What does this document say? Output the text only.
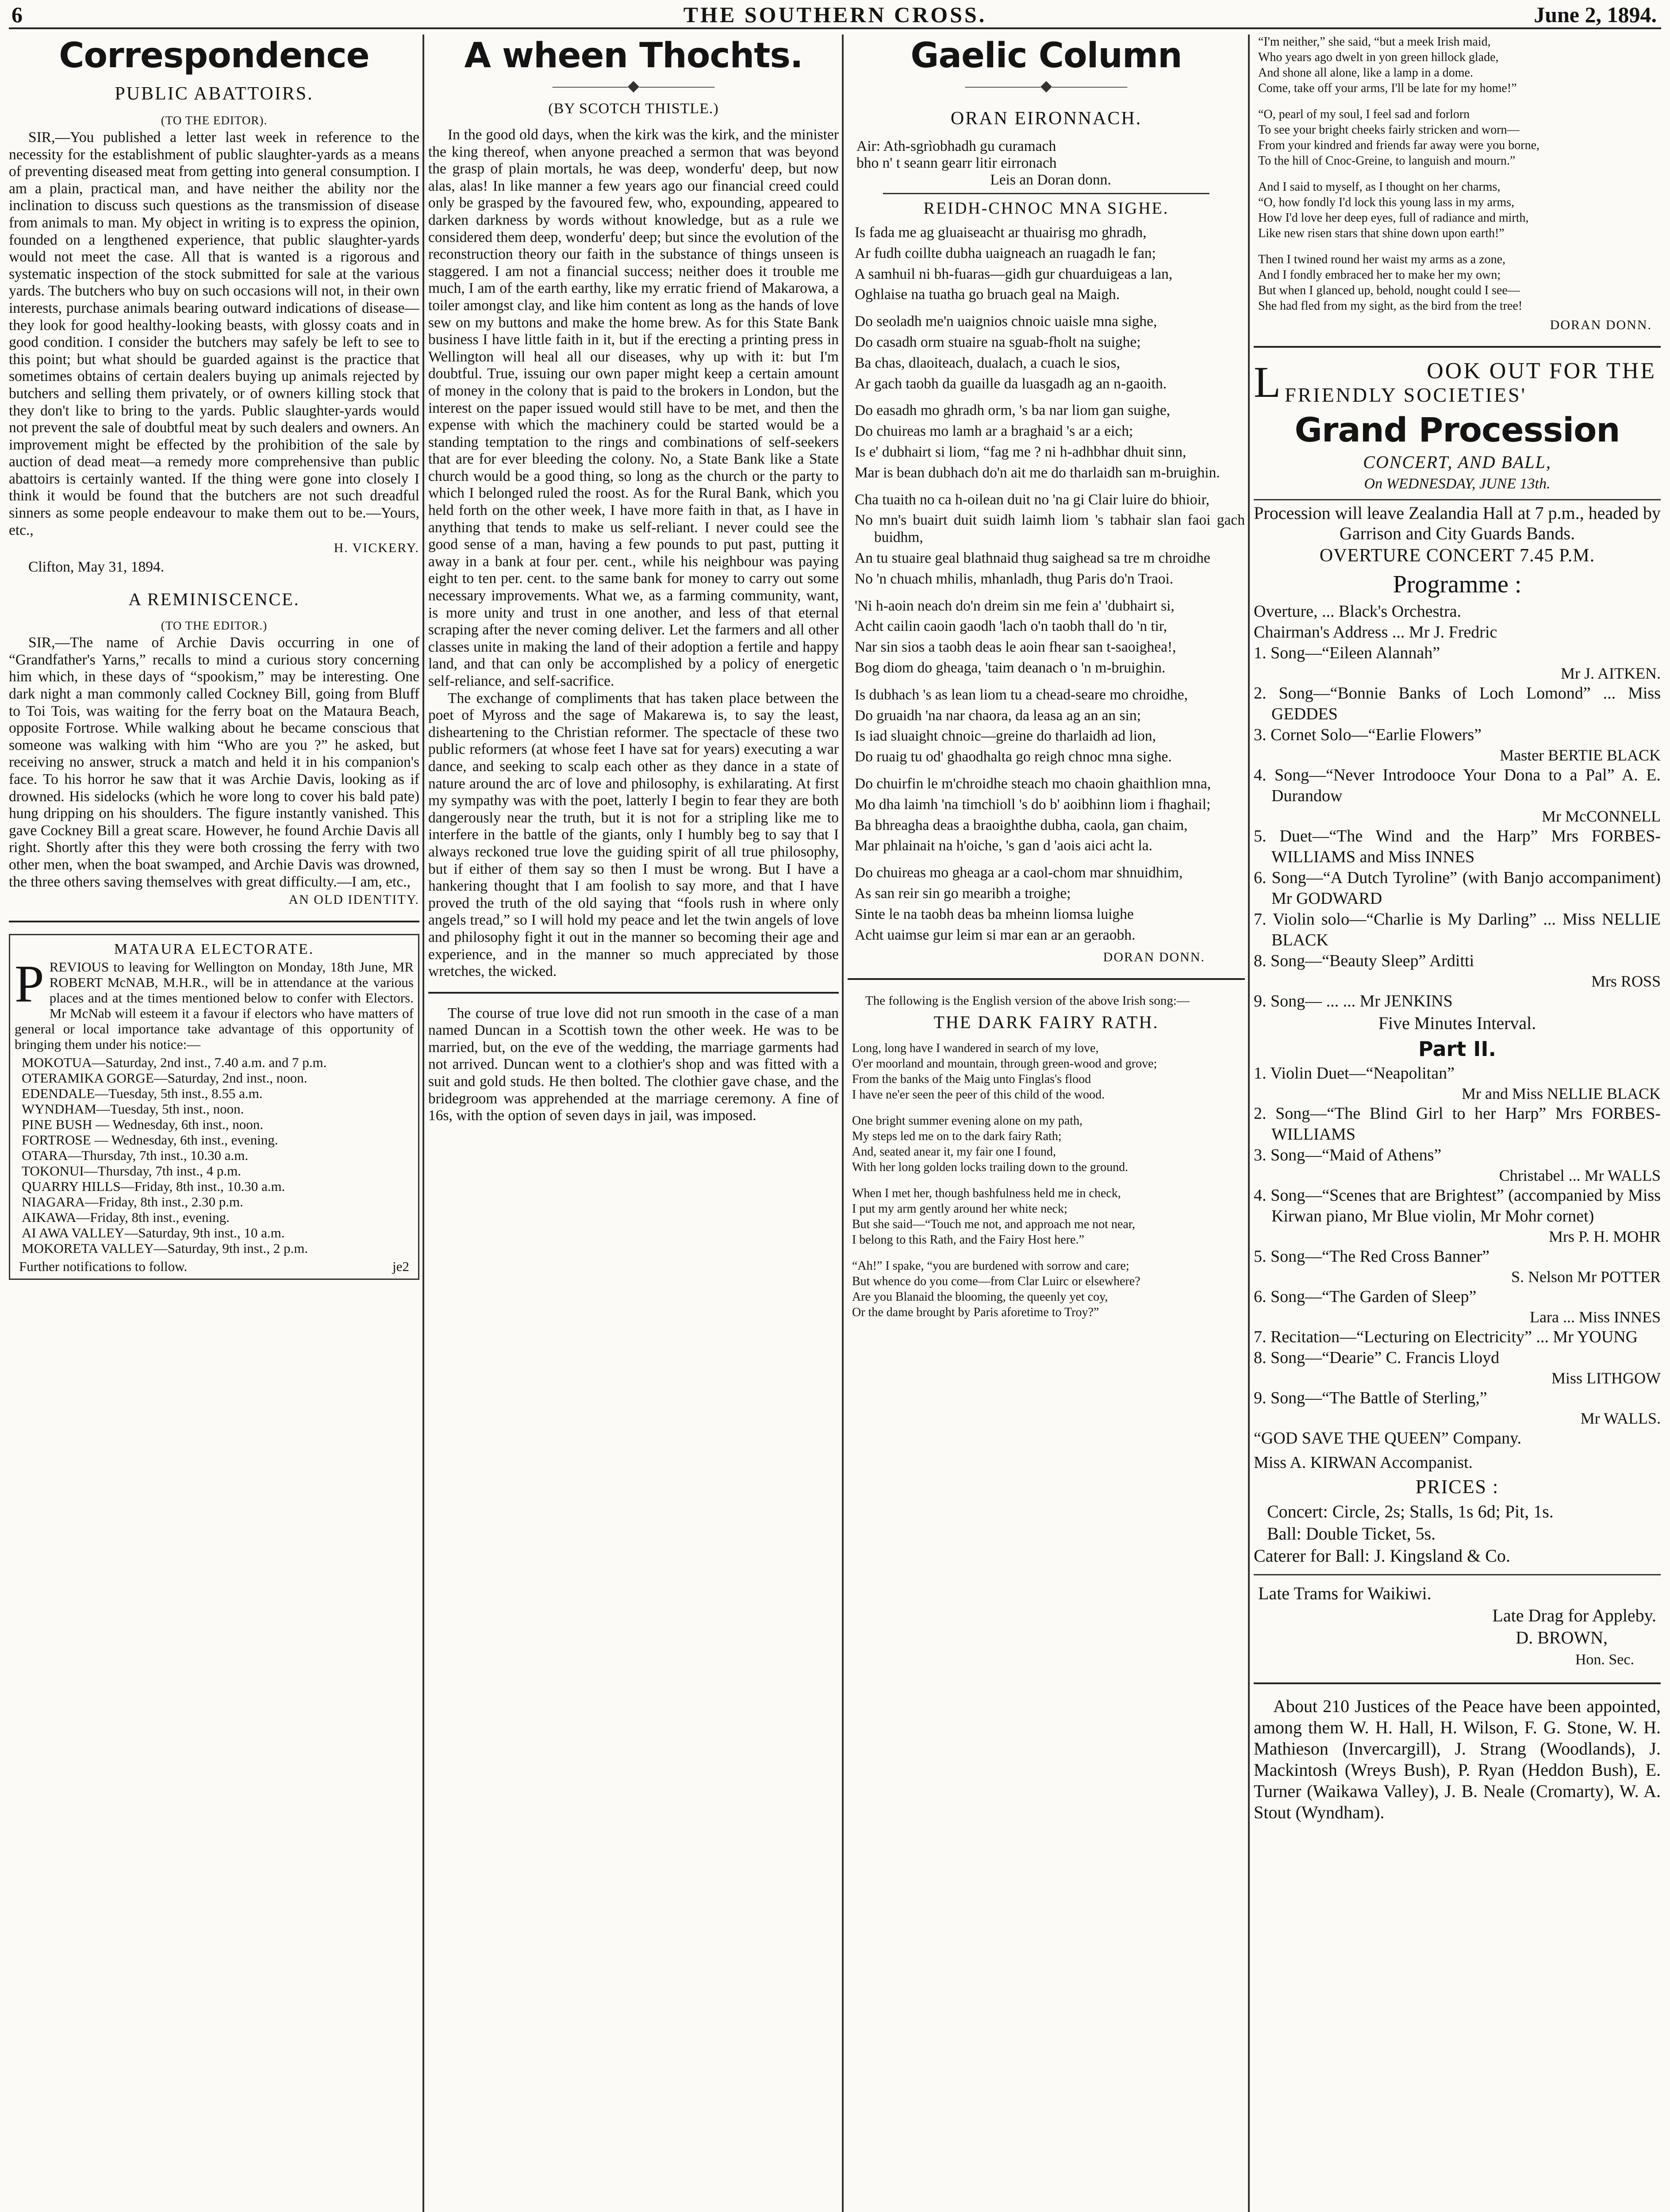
THE SOUTHERN CROSS.
6	June 2, 1894.
Correspondence
PUBLIC ABATTOIRS.
(TO THE EDITOR).

SIR,—You published a letter last week in reference to the necessity for the establishment of public slaughter-yards as a means of preventing diseased meat from getting into general consumption. I am a plain, practical man, and have neither the ability nor the inclination to discuss such questions as the transmission of disease from animals to man. My object in writing is to express the opinion, founded on a lengthened experience, that public slaughter-yards would not meet the case. All that is wanted is a rigorous and systematic inspection of the stock submitted for sale at the various yards. The butchers who buy on such occasions will not, in their own interests, purchase animals bearing outward indications of disease—they look for good healthy-looking beasts, with glossy coats and in good condition. I consider the butchers may safely be left to see to this point; but what should be guarded against is the practice that sometimes obtains of certain dealers buying up animals rejected by butchers and selling them privately, or of owners killing stock that they don't like to bring to the yards. Public slaughter-yards would not prevent the sale of doubtful meat by such dealers and owners. An improvement might be effected by the prohibition of the sale by auction of dead meat—a remedy more comprehensive than public abattoirs is certainly wanted. If the thing were gone into closely I think it would be found that the butchers are not such dreadful sinners as some people endeavour to make them out to be.—Yours, etc.,

H. VICKERY.
Clifton, May 31, 1894.
A REMINISCENCE.
(TO THE EDITOR.)

SIR,—The name of Archie Davis occurring in one of “Grandfather's Yarns,” recalls to mind a curious story concerning him which, in these days of “spookism,” may be interesting. One dark night a man commonly called Cockney Bill, going from Bluff to Toi Tois, was waiting for the ferry boat on the Mataura Beach, opposite Fortrose. While walking about he became conscious that someone was walking with him “Who are you ?” he asked, but receiving no answer, struck a match and held it in his companion's face. To his horror he saw that it was Archie Davis, looking as if drowned. His sidelocks (which he wore long to cover his bald pate) hung dripping on his shoulders. The figure instantly vanished. This gave Cockney Bill a great scare. However, he found Archie Davis all right. Shortly after this they were both crossing the ferry with two other men, when the boat swamped, and Archie Davis was drowned, the three others saving themselves with great difficulty.—I am, etc.,

AN OLD IDENTITY.
MATAURA ELECTORATE.
PREVIOUS to leaving for Wellington on Monday, 18th June, MR ROBERT McNAB, M.H.R., will be in attendance at the various places and at the times mentioned below to confer with Electors. Mr McNab will esteem it a favour if electors who have matters of general or local importance take advantage of this opportunity of bringing them under his notice:—
MOKOTUA—Saturday, 2nd inst., 7.40 a.m. and 7 p.m.
OTERAMIKA GORGE—Saturday, 2nd inst., noon.
EDENDALE—Tuesday, 5th inst., 8.55 a.m.
WYNDHAM—Tuesday, 5th inst., noon.
PINE BUSH — Wednesday, 6th inst., noon.
FORTROSE — Wednesday, 6th inst., evening.
OTARA—Thursday, 7th inst., 10.30 a.m.
TOKONUI—Thursday, 7th inst., 4 p.m.
QUARRY HILLS—Friday, 8th inst., 10.30 a.m.
NIAGARA—Friday, 8th inst., 2.30 p.m.
AIKAWA—Friday, 8th inst., evening.
AI AWA VALLEY—Saturday, 9th inst., 10 a.m.
MOKORETA VALLEY—Saturday, 9th inst., 2 p.m.
Further notifications to follow.	je2
A wheen Thochts.
—————◆—————
(BY SCOTCH THISTLE.)

In the good old days, when the kirk was the kirk, and the minister the king thereof, when anyone preached a sermon that was beyond the grasp of plain mortals, he was deep, wonderfu' deep, but now alas, alas! In like manner a few years ago our financial creed could only be grasped by the favoured few, who, expounding, appeared to darken darkness by words without knowledge, but as a rule we considered them deep, wonderfu' deep; but since the evolution of the reconstruction theory our faith in the substance of things unseen is staggered. I am not a financial success; neither does it trouble me much, I am of the earth earthy, like my erratic friend of Makarowa, a toiler amongst clay, and like him content as long as the hands of love sew on my buttons and make the home brew. As for this State Bank business I have little faith in it, but if the erecting a printing press in Wellington will heal all our diseases, why up with it: but I'm doubtful. True, issuing our own paper might keep a certain amount of money in the colony that is paid to the brokers in London, but the interest on the paper issued would still have to be met, and then the expense with which the machinery could be started would be a standing temptation to the rings and combinations of self-seekers that are for ever bleeding the colony. No, a State Bank like a State church would be a good thing, so long as the church or the party to which I belonged ruled the roost. As for the Rural Bank, which you held forth on the other week, I have more faith in that, as I have in anything that tends to make us self-reliant. I never could see the good sense of a man, having a few pounds to put past, putting it away in a bank at four per. cent., while his neighbour was paying eight to ten per. cent. to the same bank for money to carry out some necessary improvements. What we, as a farming community, want, is more unity and trust in one another, and less of that eternal scraping after the never coming deliver. Let the farmers and all other classes unite in making the land of their adoption a fertile and happy land, and that can only be accomplished by a policy of energetic self-reliance, and self-sacrifice.

The exchange of compliments that has taken place between the poet of Myross and the sage of Makarewa is, to say the least, disheartening to the Christian reformer. The spectacle of these two public reformers (at whose feet I have sat for years) executing a war dance, and seeking to scalp each other as they dance in a state of nature around the arc of love and philosophy, is exhilarating. At first my sympathy was with the poet, latterly I begin to fear they are both dangerously near the truth, but it is not for a stripling like me to interfere in the battle of the giants, only I humbly beg to say that I always reckoned true love the guiding spirit of all true philosophy, but if either of them say so then I must be wrong. But I have a hankering thought that I am foolish to say more, and that I have proved the truth of the old saying that “fools rush in where only angels tread,” so I will hold my peace and let the twin angels of love and philosophy fight it out in the manner so becoming their age and experience, and in the manner so much appreciated by those wretches, the wicked.

The course of true love did not run smooth in the case of a man named Duncan in a Scottish town the other week. He was to be married, but, on the eve of the wedding, the marriage garments had not arrived. Duncan went to a clothier's shop and was fitted with a suit and gold studs. He then bolted. The clothier gave chase, and the bridegroom was apprehended at the marriage ceremony. A fine of 16s, with the option of seven days in jail, was imposed.

Gaelic Column
—————◆—————
ORAN EIRONNACH.
Air: Ath-sgrìobhadh gu curamach
bho n' t seann gearr litir eirronach
Leis an Doran donn.
REIDH-CHNOC MNA SIGHE.
Is fada me ag gluaiseacht ar thuairisg mo ghradh,
Ar fudh coillte dubha uaigneach an ruagadh le fan;
A samhuil ni bh-fuaras—gidh gur chuarduigeas a lan,
Oghlaise na tuatha go bruach geal na Maigh.
Do seoladh me'n uaignios chnoic uaisle mna sighe,
Do casadh orm stuaire na sguab-fholt na suighe;
Ba chas, dlaoiteach, dualach, a cuach le sios,
Ar gach taobh da guaille da luasgadh ag an n-gaoith.
Do easadh mo ghradh orm, 's ba nar liom gan suighe,
Do chuireas mo lamh ar a braghaid 's ar a eich;
Is e' dubhairt si liom, “fag me ? ni h-adhbhar dhuit sinn,
Mar is bean dubhach do'n ait me do tharlaidh san m-bruighin.
Cha tuaith no ca h-oilean duit no 'na gi Clair luire do bhioir,
No mn's buairt duit suidh laimh liom 's tabhair slan faoi gach buidhm,
An tu stuaire geal blathnaid thug saighead sa tre m chroidhe
No 'n chuach mhilis, mhanladh, thug Paris do'n Traoi.
'Ni h-aoin neach do'n dreim sin me fein a' 'dubhairt si,
Acht cailin caoin gaodh 'lach o'n taobh thall do 'n tir,
Nar sin sios a taobh deas le aoin fhear san t-saoighea!,
Bog diom do gheaga, 'taim deanach o 'n m-bruighin.
Is dubhach 's as lean liom tu a chead-seare mo chroidhe,
Do gruaidh 'na nar chaora, da leasa ag an an sin;
Is iad sluaight chnoic—greine do tharlaidh ad lion,
Do ruaig tu od' ghaodhalta go reigh chnoc mna sighe.
Do chuirfin le m'chroidhe steach mo chaoin ghaithlion mna,
Mo dha laimh 'na timchioll 's do b' aoibhinn liom i fhaghail;
Ba bhreagha deas a braoighthe dubha, caola, gan chaim,
Mar phlainait na h'oiche, 's gan d 'aois aici acht la.
Do chuireas mo gheaga ar a caol-chom mar shnuidhim,
As san reir sin go mearibh a troighe;
Sinte le na taobh deas ba mheinn liomsa luighe
Acht uaimse gur leim si mar ean ar an geraobh.
DORAN DONN.
The following is the English version of the above Irish song:—
THE DARK FAIRY RATH.
Long, long have I wandered in search of my love,
O'er moorland and mountain, through green-wood and grove;
From the banks of the Maig unto Finglas's flood
I have ne'er seen the peer of this child of the wood.
One bright summer evening alone on my path,
My steps led me on to the dark fairy Rath;
And, seated anear it, my fair one I found,
With her long golden locks trailing down to the ground.
When I met her, though bashfulness held me in check,
I put my arm gently around her white neck;
But she said—“Touch me not, and approach me not near,
I belong to this Rath, and the Fairy Host here.”
“Ah!” I spake, “you are burdened with sorrow and care;
But whence do you come—from Clar Luirc or elsewhere?
Are you Blanaid the blooming, the queenly yet coy,
Or the dame brought by Paris aforetime to Troy?”
“I'm neither,” she said, “but a meek Irish maid,
Who years ago dwelt in yon green hillock glade,
And shone all alone, like a lamp in a dome.
Come, take off your arms, I'll be late for my home!”
“O, pearl of my soul, I feel sad and forlorn
To see your bright cheeks fairly stricken and worn—
From your kindred and friends far away were you borne,
To the hill of Cnoc-Greine, to languish and mourn.”
And I said to myself, as I thought on her charms,
“O, how fondly I'd lock this young lass in my arms,
How I'd love her deep eyes, full of radiance and mirth,
Like new risen stars that shine down upon earth!”
Then I twined round her waist my arms as a zone,
And I fondly embraced her to make her my own;
But when I glanced up, behold, nought could I see—
She had fled from my sight, as the bird from the tree!
DORAN DONN.
L	OOK OUT FOR THE
FRIENDLY SOCIETIES'
Grand Procession
CONCERT, AND BALL,
On WEDNESDAY, JUNE 13th.
Procession will leave Zealandia Hall at 7 p.m., headed by Garrison and City Guards Bands.
OVERTURE CONCERT 7.45 P.M.
Programme :
Overture, ... Black's Orchestra.
Chairman's Address ... Mr J. Fredric
1. Song—“Eileen Alannah”
Mr J. AITKEN.
2. Song—“Bonnie Banks of Loch Lomond” ... Miss GEDDES
3. Cornet Solo—“Earlie Flowers”
Master BERTIE BLACK
4. Song—“Never Introdooce Your Dona to a Pal” A. E. Durandow
Mr McCONNELL
5. Duet—“The Wind and the Harp” Mrs FORBES-WILLIAMS and Miss INNES
6. Song—“A Dutch Tyroline” (with Banjo accompaniment) Mr GODWARD
7. Violin solo—“Charlie is My Darling” ... Miss NELLIE BLACK
8. Song—“Beauty Sleep” Arditti
Mrs ROSS
9. Song— ... ... Mr JENKINS
Five Minutes Interval.
Part II.
1. Violin Duet—“Neapolitan”
Mr and Miss NELLIE BLACK
2. Song—“The Blind Girl to her Harp” Mrs FORBES-WILLIAMS
3. Song—“Maid of Athens”
Christabel ... Mr WALLS
4. Song—“Scenes that are Brightest” (accompanied by Miss Kirwan piano, Mr Blue violin, Mr Mohr cornet)
Mrs P. H. MOHR
5. Song—“The Red Cross Banner”
S. Nelson Mr POTTER
6. Song—“The Garden of Sleep”
Lara ... Miss INNES
7. Recitation—“Lecturing on Electricity” ... Mr YOUNG
8. Song—“Dearie” C. Francis Lloyd
Miss LITHGOW
9. Song—“The Battle of Sterling,”
Mr WALLS.
“GOD SAVE THE QUEEN” Company.
Miss A. KIRWAN Accompanist.
PRICES :
Concert: Circle, 2s; Stalls, 1s 6d; Pit, 1s.
Ball: Double Ticket, 5s.
Caterer for Ball: J. Kingsland & Co.
Late Trams for Waikiwi.
Late Drag for Appleby.
D. BROWN,
Hon. Sec.

About 210 Justices of the Peace have been appointed, among them W. H. Hall, H. Wilson, F. G. Stone, W. H. Mathieson (Invercargill), J. Strang (Woodlands), J. Mackintosh (Wreys Bush), P. Ryan (Heddon Bush), E. Turner (Waikawa Valley), J. B. Neale (Cromarty), W. A. Stout (Wyndham).
